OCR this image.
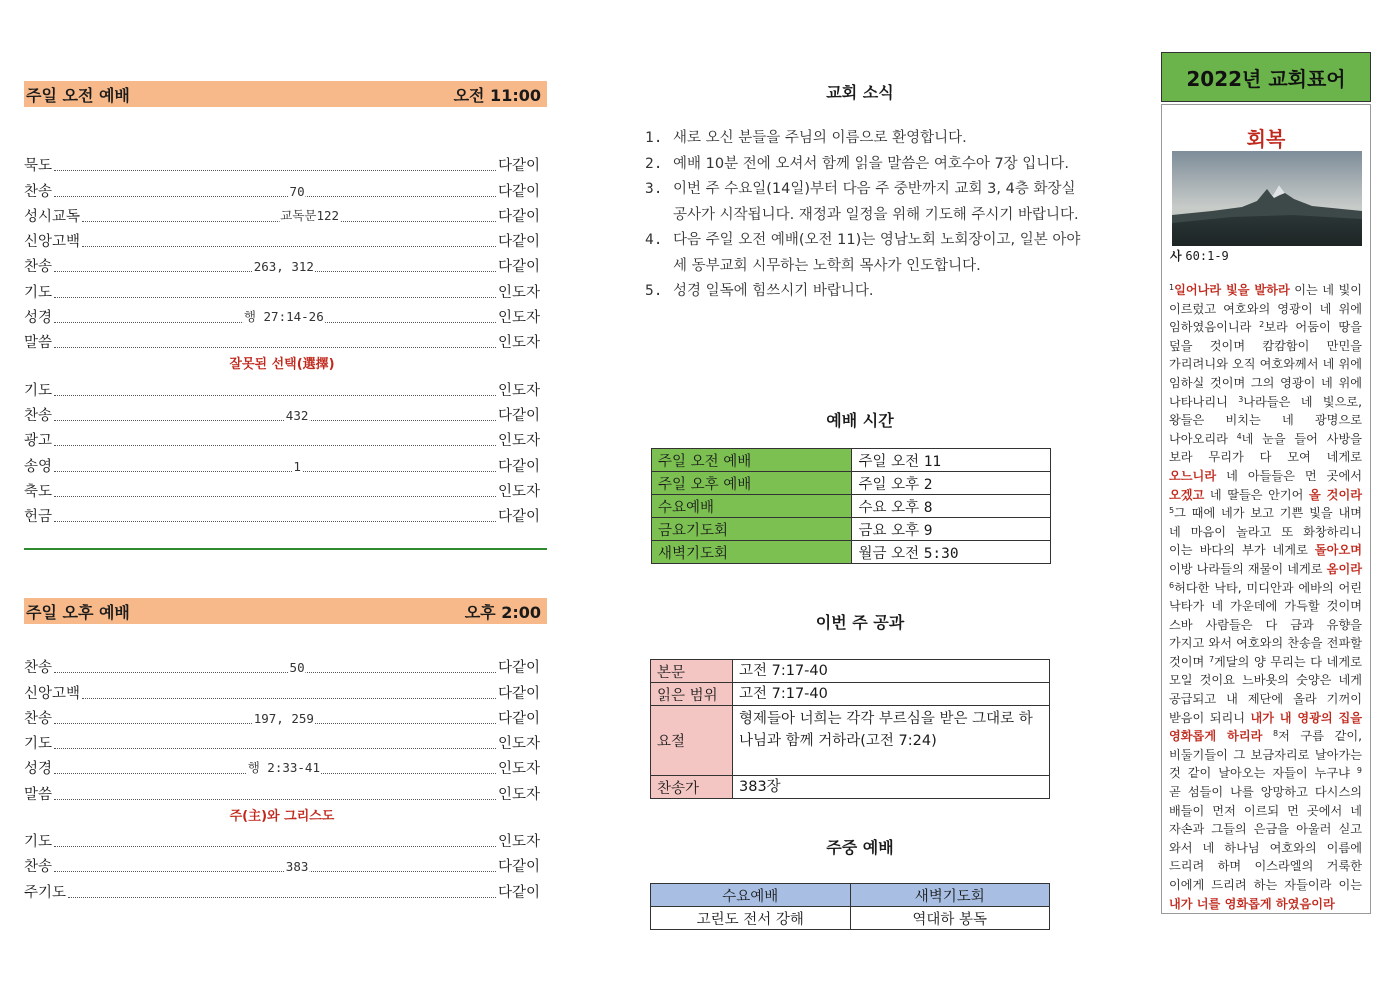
주일 오전 예배	오전 11:00
묵도	다같이
찬송	70	다같이
성시교독	교독문122	다같이
신앙고백	다같이
찬송	263, 312	다같이
기도	인도자
성경	행 27:14-26	인도자
말씀	인도자
잘못된 선택(選擇)
기도	인도자
찬송	432	다같이
광고	인도자
송영	1	다같이
축도	인도자
헌금	다같이
주일 오후 예배	오후 2:00
찬송	50	다같이
신앙고백	다같이
찬송	197, 259	다같이
기도	인도자
성경	행 2:33-41	인도자
말씀	인도자
주(主)와 그리스도
기도	인도자
찬송	383	다같이
주기도	다같이
교회 소식
1. 새로 오신 분들을 주님의 이름으로 환영합니다.
2. 예배 10분 전에 오셔서 함께 읽을 말씀은 여호수아 7장 입니다.
3. 이번 주 수요일(14일)부터 다음 주 중반까지 교회 3, 4층 화장실 공사가 시작됩니다. 재정과 일정을 위해 기도해 주시기 바랍니다.
4. 다음 주일 오전 예배(오전 11)는 영남노회 노회장이고, 일본 아야세 동부교회 시무하는 노학희 목사가 인도합니다.
5. 성경 일독에 힘쓰시기 바랍니다.
예배 시간
주일 오전 예배	주일 오전 11
주일 오후 예배	주일 오후 2
수요예배	수요 오후 8
금요기도회	금요 오후 9
새벽기도회	월금 오전 5:30
이번 주 공과
본문	고전 7:17-40
읽은 범위	고전 7:17-40
요절	형제들아 너희는 각각 부르심을 받은 그대로 하나님과 함께 거하라(고전 7:24)
찬송가	383장
주중 예배
수요예배	새벽기도회
고린도 전서 강해	역대하 봉독
2022년 교회표어
회복
사 60:1-9
$^1$일어나라 빛을 발하라 이는 네 빛이 이르렀고 여호와의 영광이 네 위에 임하였음이니라 $^2$보라 어둠이 땅을 덮을 것이며 캄캄함이 만민을 가리려니와 오직 여호와께서 네 위에 임하실 것이며 그의 영광이 네 위에 나타나리니 $^3$나라들은 네 빛으로, 왕들은 비치는 네 광명으로 나아오리라 $^4$네 눈을 들어 사방을 보라 무리가 다 모여 네게로 오느니라 네 아들들은 먼 곳에서 오겠고 네 딸들은 안기어 올 것이라 $^5$그 때에 네가 보고 기쁜 빛을 내며 네 마음이 놀라고 또 화창하리니 이는 바다의 부가 네게로 돌아오며 이방 나라들의 재물이 네게로 옴이라 $^6$허다한 낙타, 미디안과 에바의 어린 낙타가 네 가운데에 가득할 것이며 스바 사람들은 다 금과 유향을 가지고 와서 여호와의 찬송을 전파할 것이며 $^7$게달의 양 무리는 다 네게로 모일 것이요 느바욧의 숫양은 네게 공급되고 내 제단에 올라 기꺼이 받음이 되리니 내가 내 영광의 집을 영화롭게 하리라 $^8$저 구름 같이, 비둘기들이 그 보금자리로 날아가는 것 같이 날아오는 자들이 누구냐 $^9$ 곧 섬들이 나를 앙망하고 다시스의 배들이 먼저 이르되 먼 곳에서 네 자손과 그들의 은금을 아울러 싣고 와서 네 하나님 여호와의 이름에 드리려 하며 이스라엘의 거룩한 이에게 드리려 하는 자들이라 이는 내가 너를 영화롭게 하였음이라
